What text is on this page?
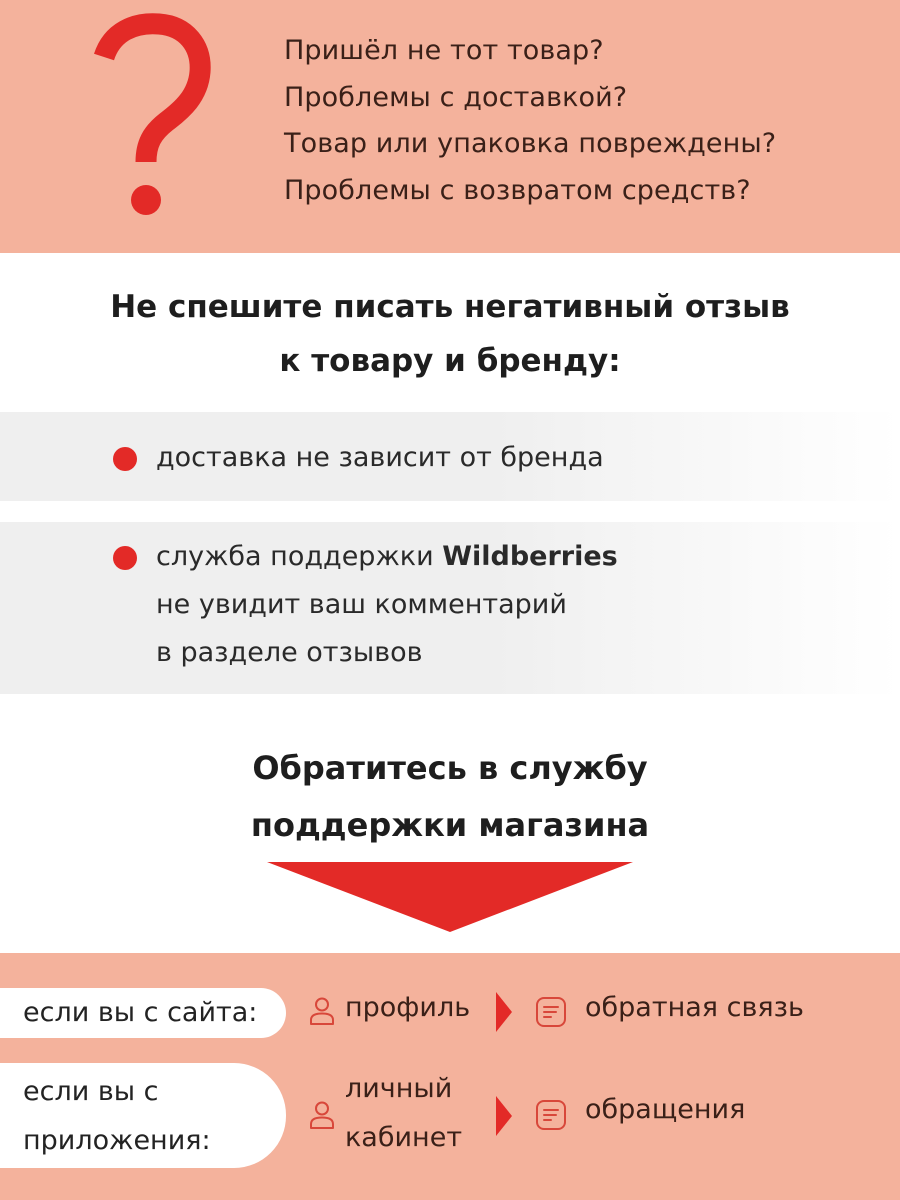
Пришёл не тот товар?
Проблемы с доставкой?
Товар или упаковка повреждены?
Проблемы с возвратом средств?
Не спешите писать негативный отзыв
к товару и бренду:
доставка не зависит от бренда
служба поддержки Wildberries
не увидит ваш комментарий
в разделе отзывов
Обратитесь в службу
поддержки магазина
если вы с сайта:
если вы с
приложения:
профиль	обратная связь
личный
кабинет
обращения
